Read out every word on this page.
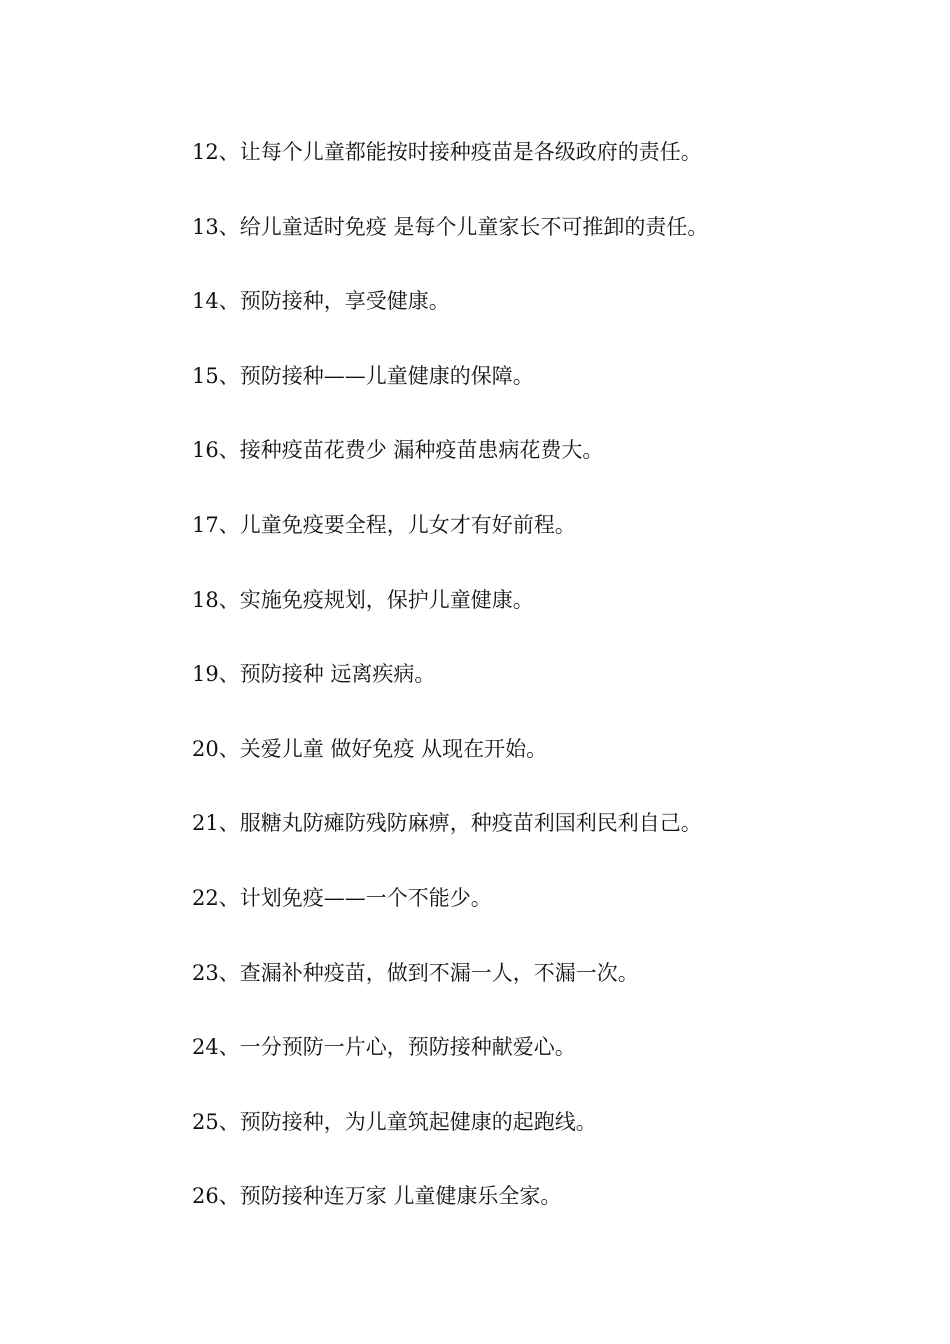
12、让每个儿童都能按时接种疫苗是各级政府的责任。
13、给儿童适时免疫 是每个儿童家长不可推卸的责任。
14、预防接种，享受健康。
15、预防接种——儿童健康的保障。
16、接种疫苗花费少 漏种疫苗患病花费大。
17、儿童免疫要全程，儿女才有好前程。
18、实施免疫规划，保护儿童健康。
19、预防接种 远离疾病。
20、关爱儿童 做好免疫 从现在开始。
21、服糖丸防瘫防残防麻痹，种疫苗利国利民利自己。
22、计划免疫——一个不能少。
23、查漏补种疫苗，做到不漏一人，不漏一次。
24、一分预防一片心，预防接种献爱心。
25、预防接种，为儿童筑起健康的起跑线。
26、预防接种连万家 儿童健康乐全家。
